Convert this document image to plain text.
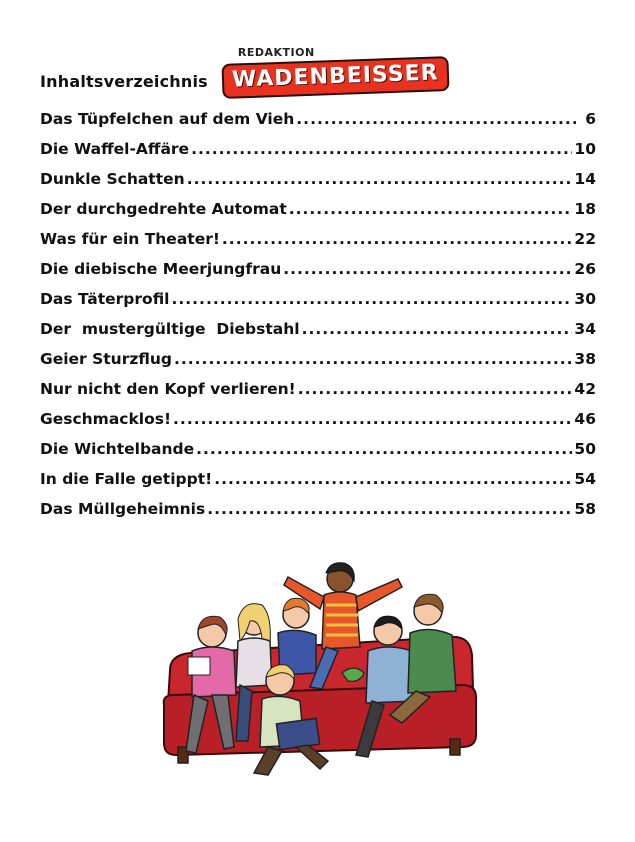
Inhaltsverzeichnis
REDAKTION
WADENBEISSER
Das Tüpfelchen auf dem Vieh .....	6
Die Waffel-Affäre .....	10
Dunkle Schatten .....	14
Der durchgedrehte Automat .....	18
Was für ein Theater! .....	22
Die diebische Meerjungfrau .....	26
Das Täterprofil .....	30
Der  mustergültige  Diebstahl .....	34
Geier Sturzflug .....	38
Nur nicht den Kopf verlieren! .....	42
Geschmacklos! .....	46
Die Wichtelbande .....	50
In die Falle getippt! .....	54
Das Müllgeheimnis .....	58
